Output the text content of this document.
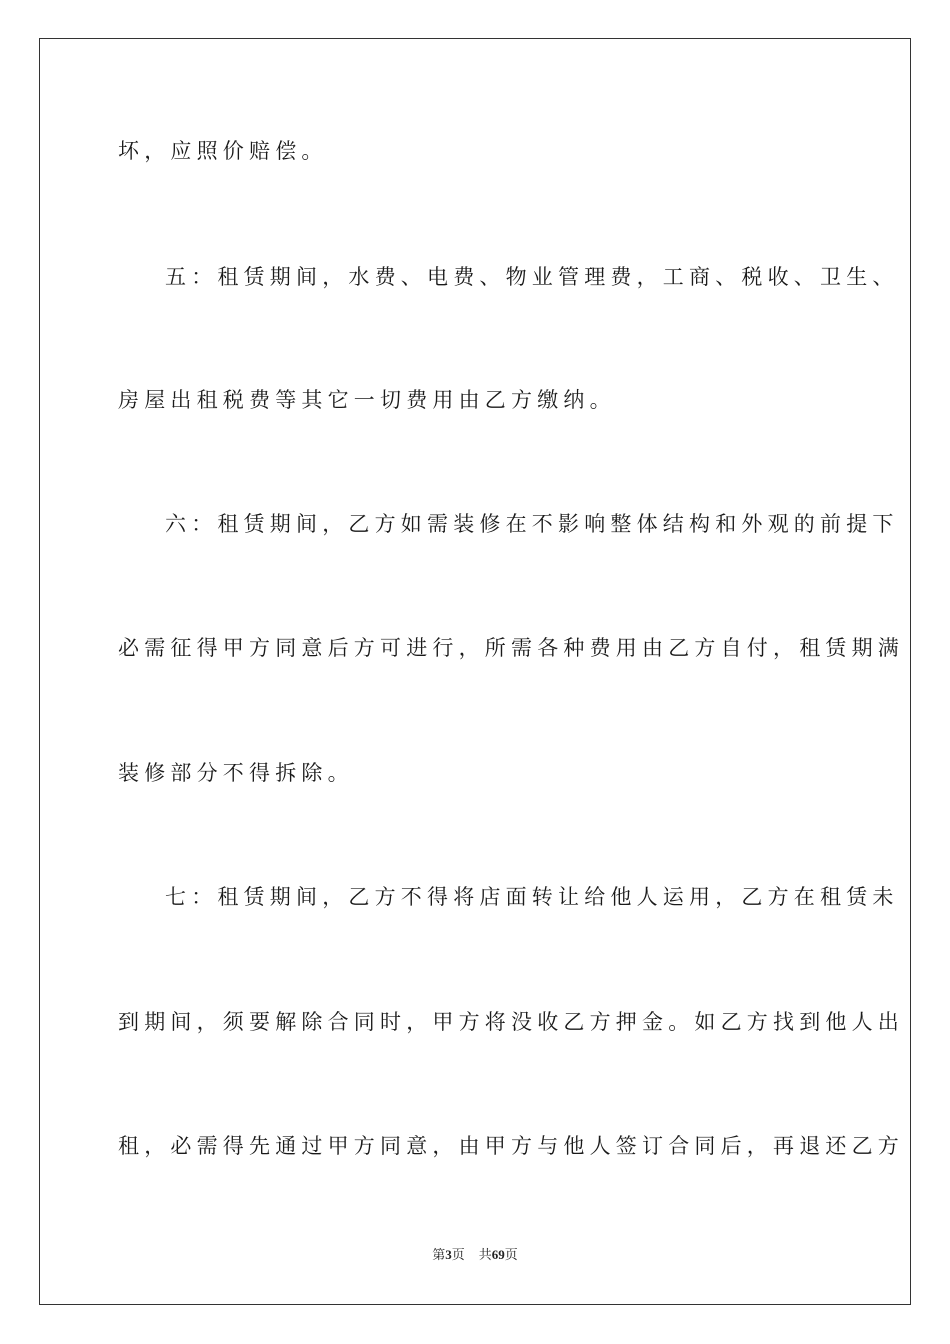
坏，应照价赔偿。
五：租赁期间，水费、电费、物业管理费，工商、税收、卫生、
房屋出租税费等其它一切费用由乙方缴纳。
六：租赁期间，乙方如需装修在不影响整体结构和外观的前提下
必需征得甲方同意后方可进行，所需各种费用由乙方自付，租赁期满
装修部分不得拆除。
七：租赁期间，乙方不得将店面转让给他人运用，乙方在租赁未
到期间，须要解除合同时，甲方将没收乙方押金。如乙方找到他人出
租，必需得先通过甲方同意，由甲方与他人签订合同后，再退还乙方
第3页 共69页
